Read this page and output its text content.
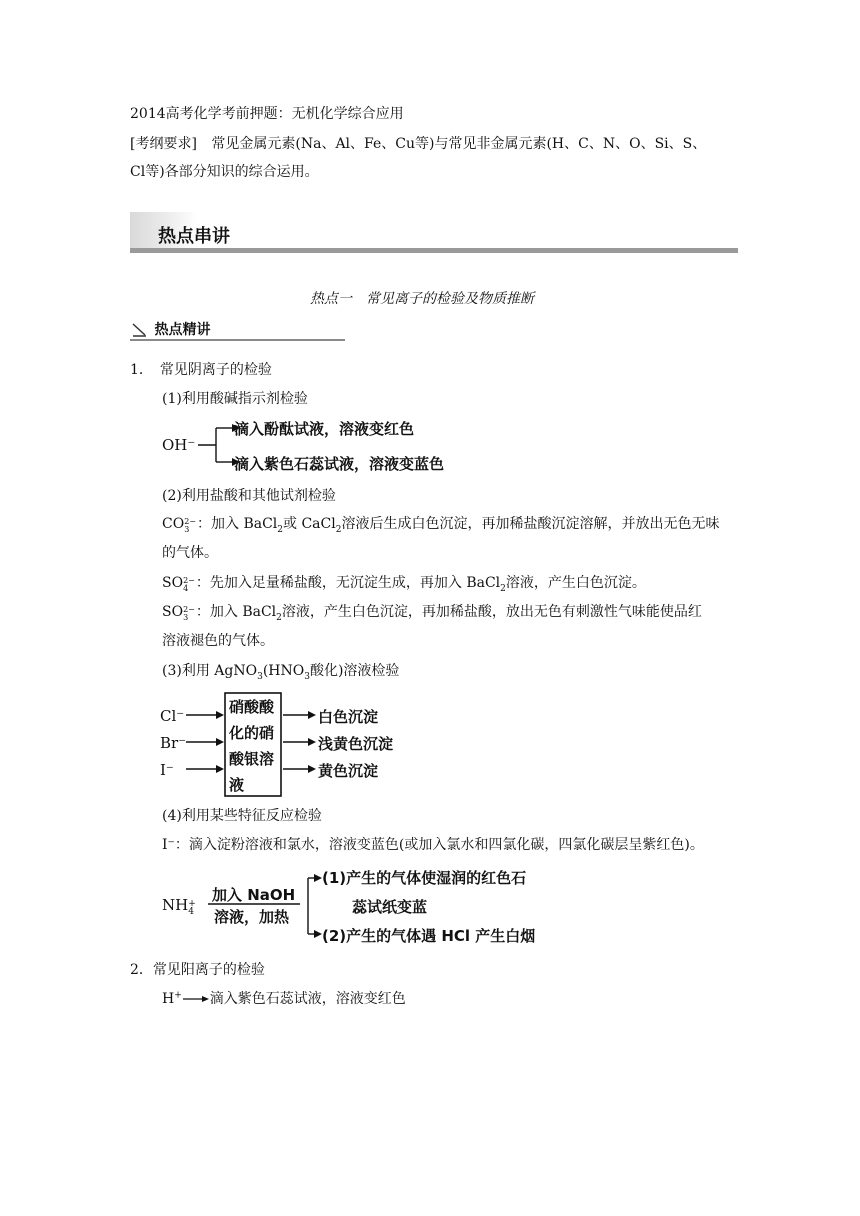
2014高考化学考前押题：无机化学综合应用
[考纲要求] 常见金属元素(Na、Al、Fe、Cu等)与常见非金属元素(H、C、N、O、Si、S、
Cl等)各部分知识的综合运用。
热点串讲
热点一　常见离子的检验及物质推断
热点精讲
1．　常见阴离子的检验
(1)利用酸碱指示剂检验
OH⁻
滴入酚酞试液，溶液变红色
滴入紫色石蕊试液，溶液变蓝色
(2)利用盐酸和其他试剂检验
CO 2−
3 ：加入 BaCl$_2$或 CaCl$_2$溶液后生成白色沉淀，再加稀盐酸沉淀溶解，并放出无色无味
的气体。
SO 2−
4 ：先加入足量稀盐酸，无沉淀生成，再加入 BaCl$_2$溶液，产生白色沉淀。
SO 2−
3 ：加入 BaCl$_2$溶液，产生白色沉淀，再加稀盐酸，放出无色有刺激性气味能使品红
溶液褪色的气体。
(3)利用 $AgNO_3(HNO_3$酸化)溶液检验
Cl⁻
Br⁻
I⁻
硝酸酸
化的硝
酸银溶
液
白色沉淀
浅黄色沉淀
黄色沉淀
(4)利用某些特征反应检验
I⁻：滴入淀粉溶液和氯水，溶液变蓝色(或加入氯水和四氯化碳，四氯化碳层呈紫红色)。
NH +
4
加入 NaOH
溶液，加热
(1)产生的气体使湿润的红色石
蕊试纸变蓝
(2)产生的气体遇 HCl 产生白烟
2．常见阳离子的检验
H+ 滴入紫色石蕊试液，溶液变红色
